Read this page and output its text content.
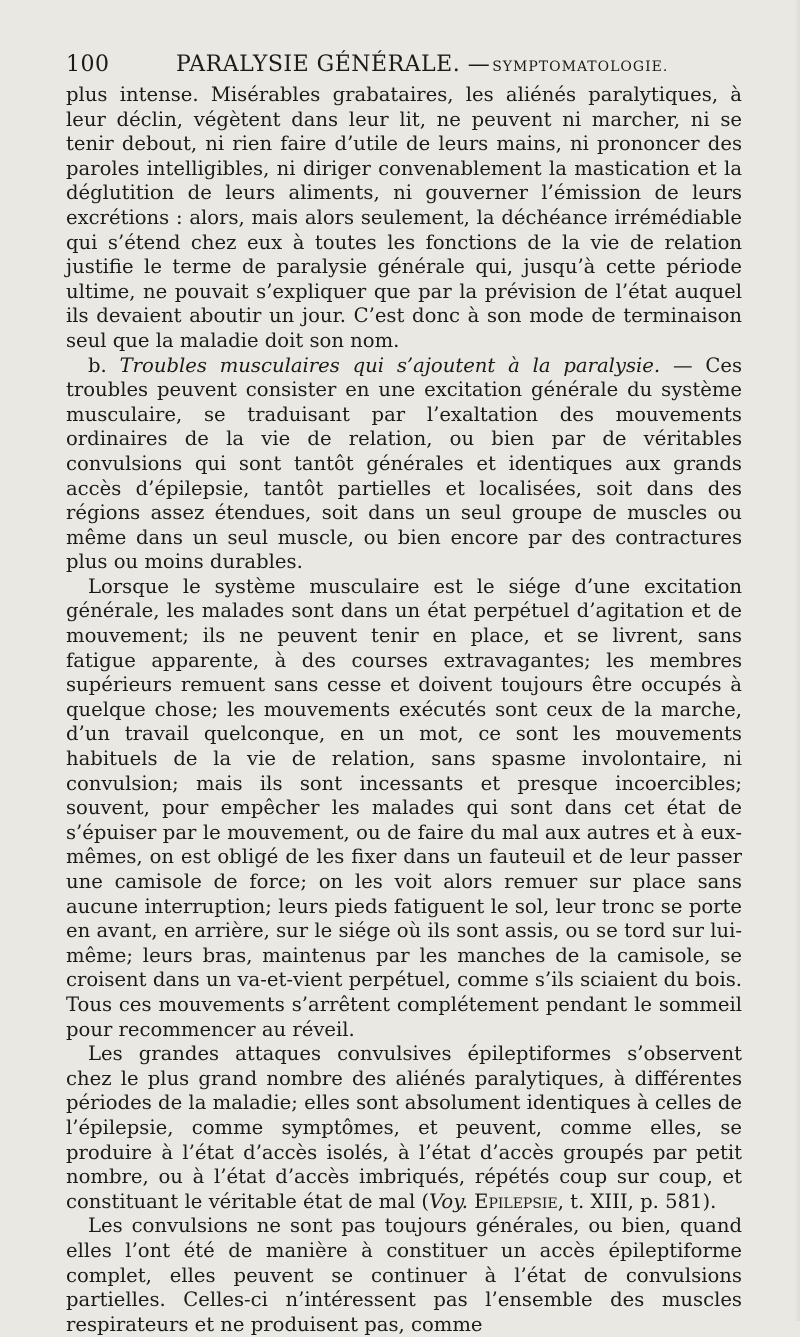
100	PARALYSIE GÉNÉRALE. — SYMPTOMATOLOGIE.

plus intense. Misérables grabataires, les aliénés paralytiques, à leur déclin, végètent dans leur lit, ne peuvent ni marcher, ni se tenir debout, ni rien faire d’utile de leurs mains, ni prononcer des paroles intelligibles, ni diriger convenablement la mastication et la déglutition de leurs aliments, ni gouverner l’émission de leurs excrétions : alors, mais alors seulement, la déchéance irrémédiable qui s’étend chez eux à toutes les fonctions de la vie de relation justifie le terme de paralysie générale qui, jusqu’à cette période ultime, ne pouvait s’expliquer que par la prévision de l’état auquel ils devaient aboutir un jour. C’est donc à son mode de terminaison seul que la maladie doit son nom.

b. Troubles musculaires qui s’ajoutent à la paralysie. — Ces troubles peuvent consister en une excitation générale du système musculaire, se traduisant par l’exaltation des mouvements ordinaires de la vie de relation, ou bien par de véritables convulsions qui sont tantôt générales et identiques aux grands accès d’épilepsie, tantôt partielles et localisées, soit dans des régions assez étendues, soit dans un seul groupe de muscles ou même dans un seul muscle, ou bien encore par des contractures plus ou moins durables.

Lorsque le système musculaire est le siége d’une excitation générale, les malades sont dans un état perpétuel d’agitation et de mouvement; ils ne peuvent tenir en place, et se livrent, sans fatigue apparente, à des courses extravagantes; les membres supérieurs remuent sans cesse et doivent toujours être occupés à quelque chose; les mouvements exécutés sont ceux de la marche, d’un travail quelconque, en un mot, ce sont les mouvements habituels de la vie de relation, sans spasme involontaire, ni convulsion; mais ils sont incessants et presque incoercibles; souvent, pour empêcher les malades qui sont dans cet état de s’épuiser par le mouvement, ou de faire du mal aux autres et à eux-mêmes, on est obligé de les fixer dans un fauteuil et de leur passer une camisole de force; on les voit alors remuer sur place sans aucune interruption; leurs pieds fatiguent le sol, leur tronc se porte en avant, en arrière, sur le siége où ils sont assis, ou se tord sur lui-même; leurs bras, maintenus par les manches de la camisole, se croisent dans un va-et-vient perpétuel, comme s’ils sciaient du bois. Tous ces mouvements s’arrêtent complétement pendant le sommeil pour recommencer au réveil.

Les grandes attaques convulsives épileptiformes s’observent chez le plus grand nombre des aliénés paralytiques, à différentes périodes de la maladie; elles sont absolument identiques à celles de l’épilepsie, comme symptômes, et peuvent, comme elles, se produire à l’état d’accès isolés, à l’état d’accès groupés par petit nombre, ou à l’état d’accès imbriqués, répétés coup sur coup, et constituant le véritable état de mal (Voy. Epilepsie, t. XIII, p. 581).

Les convulsions ne sont pas toujours générales, ou bien, quand elles l’ont été de manière à constituer un accès épileptiforme complet, elles peuvent se continuer à l’état de convulsions partielles. Celles-ci n’intéressent pas l’ensemble des muscles respirateurs et ne produisent pas, comme
